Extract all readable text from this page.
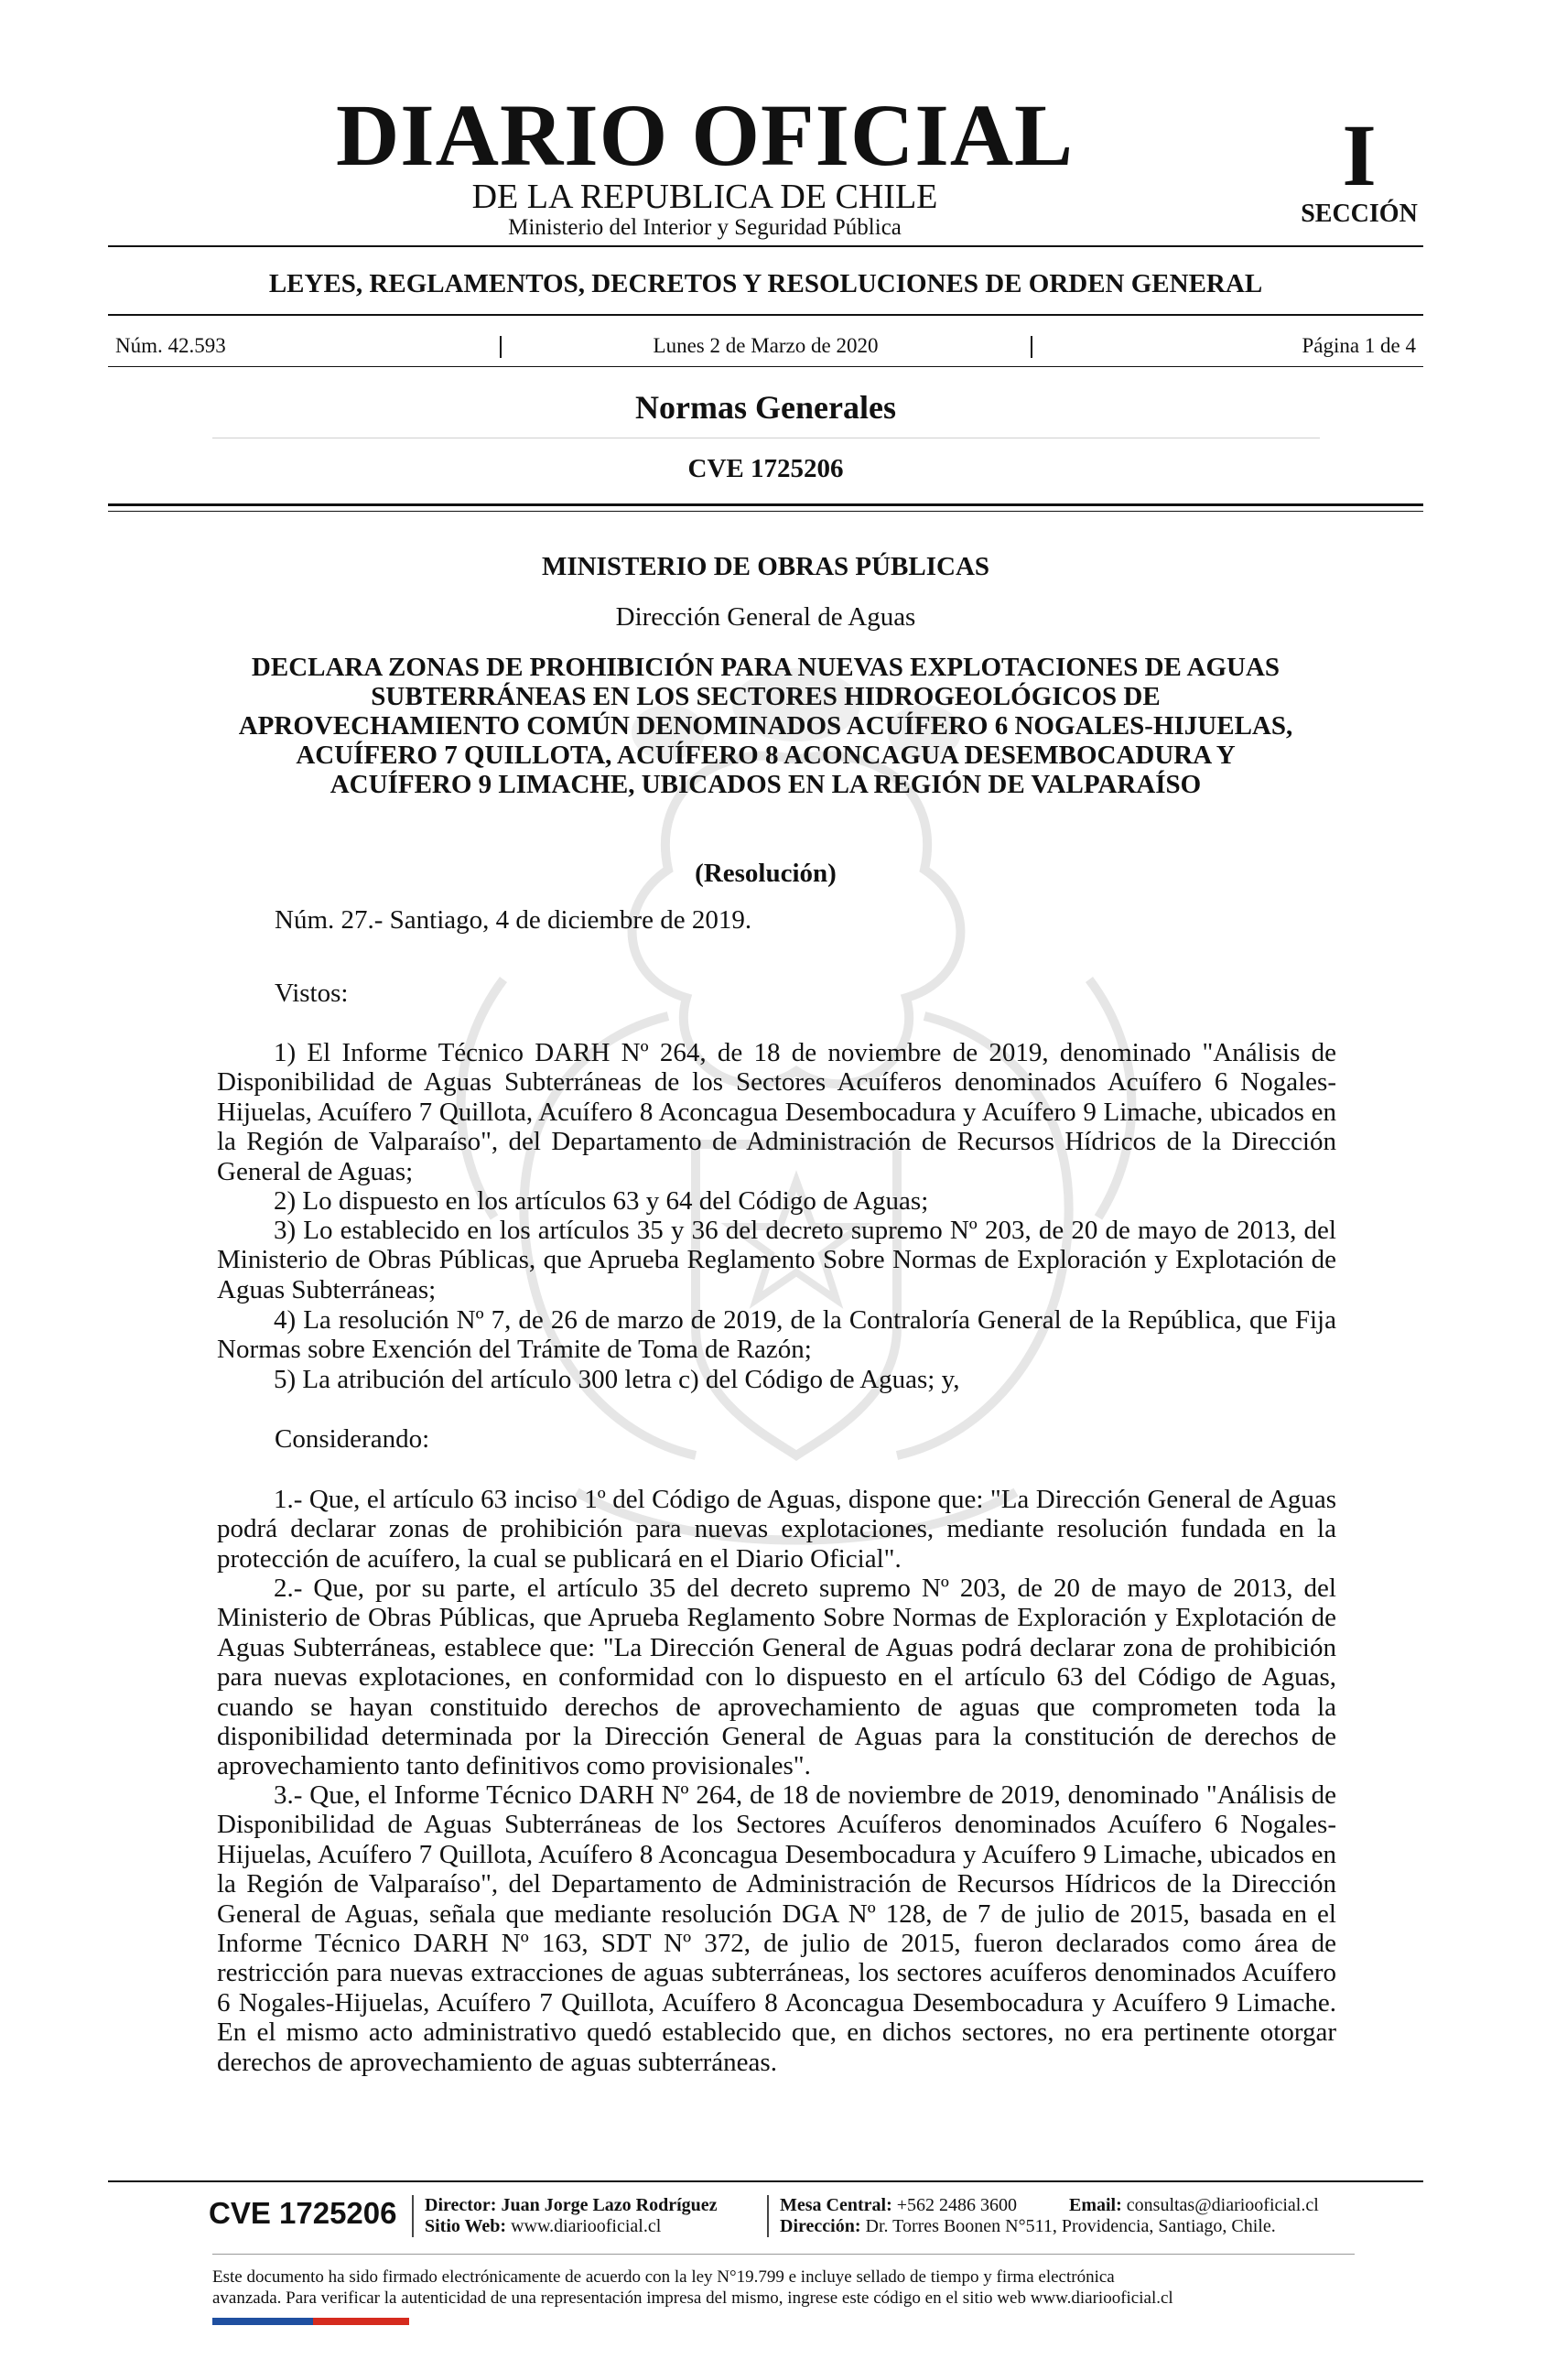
DIARIO OFICIAL
DE LA REPUBLICA DE CHILE
Ministerio del Interior y Seguridad Pública
I
SECCIÓN
LEYES, REGLAMENTOS, DECRETOS Y RESOLUCIONES DE ORDEN GENERAL
Núm. 42.593	Lunes 2 de Marzo de 2020	Página 1 de 4
Normas Generales
CVE 1725206
MINISTERIO DE OBRAS PÚBLICAS
Dirección General de Aguas
DECLARA ZONAS DE PROHIBICIÓN PARA NUEVAS EXPLOTACIONES DE AGUAS SUBTERRÁNEAS EN LOS SECTORES HIDROGEOLÓGICOS DE APROVECHAMIENTO COMÚN DENOMINADOS ACUÍFERO 6 NOGALES-HIJUELAS, ACUÍFERO 7 QUILLOTA, ACUÍFERO 8 ACONCAGUA DESEMBOCADURA Y ACUÍFERO 9 LIMACHE, UBICADOS EN LA REGIÓN DE VALPARAÍSO
(Resolución)
Núm. 27.- Santiago, 4 de diciembre de 2019.
Vistos:
1) El Informe Técnico DARH Nº 264, de 18 de noviembre de 2019, denominado "Análisis de Disponibilidad de Aguas Subterráneas de los Sectores Acuíferos denominados Acuífero 6 Nogales-Hijuelas, Acuífero 7 Quillota, Acuífero 8 Aconcagua Desembocadura y Acuífero 9 Limache, ubicados en la Región de Valparaíso", del Departamento de Administración de Recursos Hídricos de la Dirección General de Aguas;
2) Lo dispuesto en los artículos 63 y 64 del Código de Aguas;
3) Lo establecido en los artículos 35 y 36 del decreto supremo Nº 203, de 20 de mayo de 2013, del Ministerio de Obras Públicas, que Aprueba Reglamento Sobre Normas de Exploración y Explotación de Aguas Subterráneas;
4) La resolución Nº 7, de 26 de marzo de 2019, de la Contraloría General de la República, que Fija Normas sobre Exención del Trámite de Toma de Razón;
5) La atribución del artículo 300 letra c) del Código de Aguas; y,
Considerando:
1.- Que, el artículo 63 inciso 1º del Código de Aguas, dispone que: "La Dirección General de Aguas podrá declarar zonas de prohibición para nuevas explotaciones, mediante resolución fundada en la protección de acuífero, la cual se publicará en el Diario Oficial".
2.- Que, por su parte, el artículo 35 del decreto supremo Nº 203, de 20 de mayo de 2013, del Ministerio de Obras Públicas, que Aprueba Reglamento Sobre Normas de Exploración y Explotación de Aguas Subterráneas, establece que: "La Dirección General de Aguas podrá declarar zona de prohibición para nuevas explotaciones, en conformidad con lo dispuesto en el artículo 63 del Código de Aguas, cuando se hayan constituido derechos de aprovechamiento de aguas que comprometen toda la disponibilidad determinada por la Dirección General de Aguas para la constitución de derechos de aprovechamiento tanto definitivos como provisionales".
3.- Que, el Informe Técnico DARH Nº 264, de 18 de noviembre de 2019, denominado "Análisis de Disponibilidad de Aguas Subterráneas de los Sectores Acuíferos denominados Acuífero 6 Nogales-Hijuelas, Acuífero 7 Quillota, Acuífero 8 Aconcagua Desembocadura y Acuífero 9 Limache, ubicados en la Región de Valparaíso", del Departamento de Administración de Recursos Hídricos de la Dirección General de Aguas, señala que mediante resolución DGA Nº 128, de 7 de julio de 2015, basada en el Informe Técnico DARH Nº 163, SDT Nº 372, de julio de 2015, fueron declarados como área de restricción para nuevas extracciones de aguas subterráneas, los sectores acuíferos denominados Acuífero 6 Nogales-Hijuelas, Acuífero 7 Quillota, Acuífero 8 Aconcagua Desembocadura y Acuífero 9 Limache. En el mismo acto administrativo quedó establecido que, en dichos sectores, no era pertinente otorgar derechos de aprovechamiento de aguas subterráneas.
CVE 1725206 Director: Juan Jorge Lazo Rodríguez
Sitio Web: www.diariooficial.cl
Mesa Central: +562 2486 3600	Email: consultas@diariooficial.cl
Dirección: Dr. Torres Boonen N°511, Providencia, Santiago, Chile.
Este documento ha sido firmado electrónicamente de acuerdo con la ley N°19.799 e incluye sellado de tiempo y firma electrónica
avanzada. Para verificar la autenticidad de una representación impresa del mismo, ingrese este código en el sitio web www.diariooficial.cl
